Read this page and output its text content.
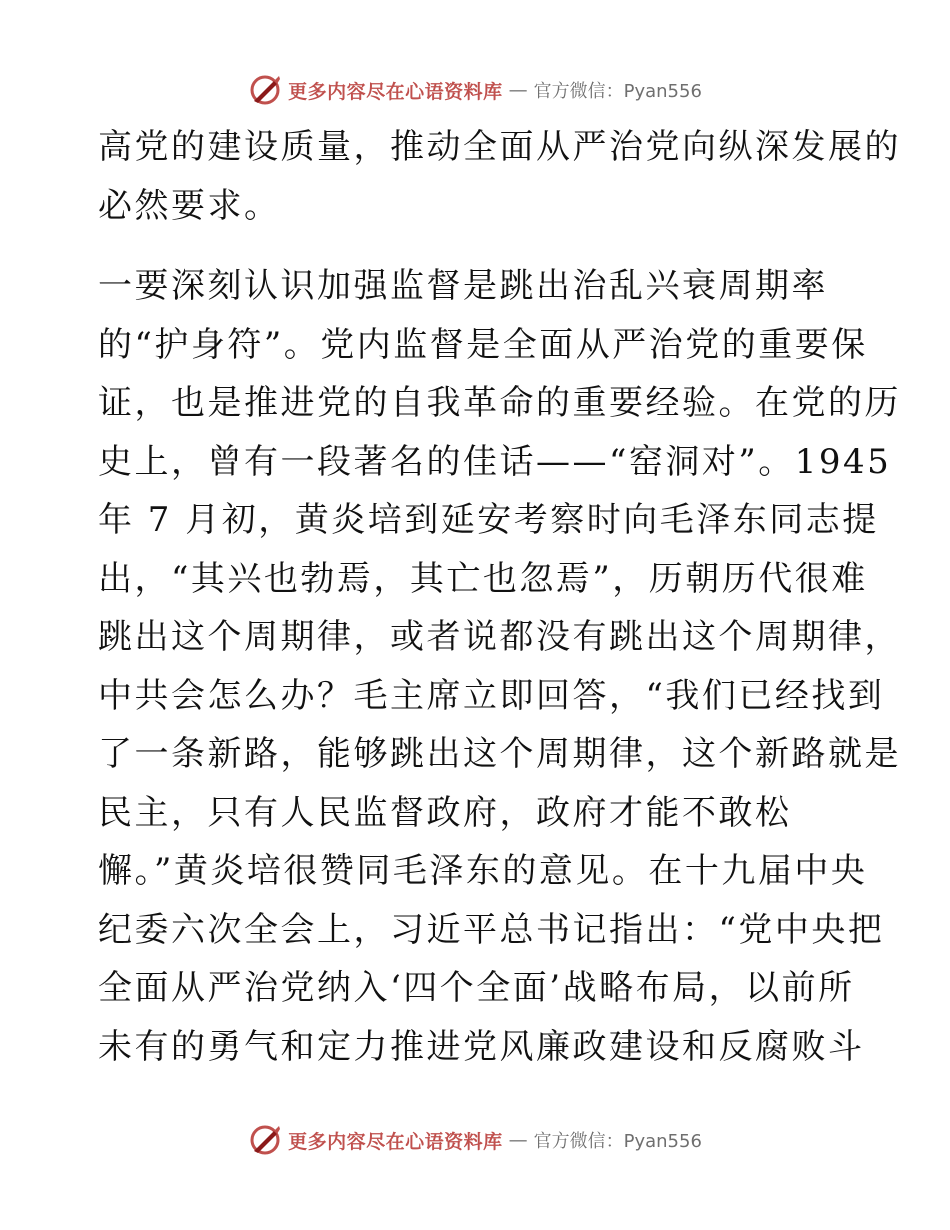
更多内容尽在心语资料库 — 官方微信：Pyan556
高党的建设质量，推动全面从严治党向纵深发展的
必然要求。
一要深刻认识加强监督是跳出治乱兴衰周期率
的“护身符”。党内监督是全面从严治党的重要保
证，也是推进党的自我革命的重要经验。在党的历
史上，曾有一段著名的佳话——“窑洞对”。1945
年 7 月初，黄炎培到延安考察时向毛泽东同志提
出，“其兴也勃焉，其亡也忽焉”，历朝历代很难
跳出这个周期律，或者说都没有跳出这个周期律，
中共会怎么办？毛主席立即回答，“我们已经找到
了一条新路，能够跳出这个周期律，这个新路就是
民主，只有人民监督政府，政府才能不敢松
懈。”黄炎培很赞同毛泽东的意见。在十九届中央
纪委六次全会上，习近平总书记指出：“党中央把
全面从严治党纳入‘四个全面’战略布局，以前所
未有的勇气和定力推进党风廉政建设和反腐败斗
更多内容尽在心语资料库 — 官方微信：Pyan556
